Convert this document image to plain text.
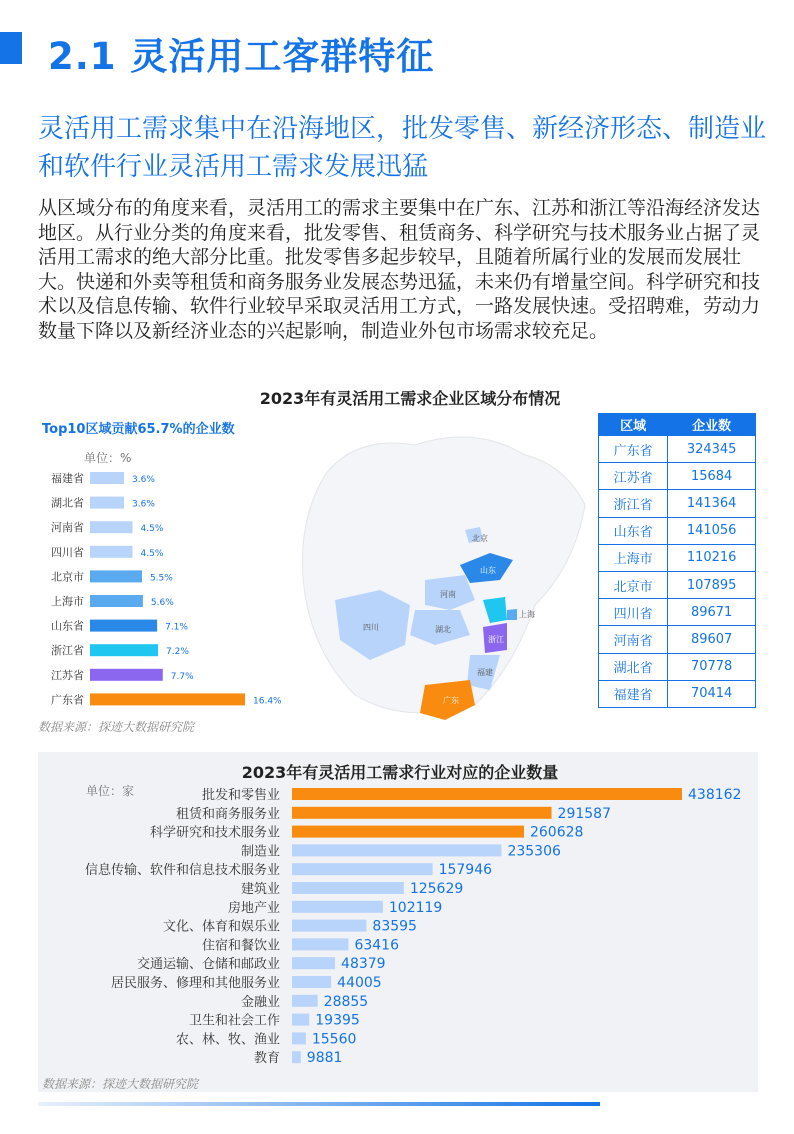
2.1 灵活用工客群特征
灵活用工需求集中在沿海地区，批发零售、新经济形态、制造业和软件行业灵活用工需求发展迅猛
从区域分布的角度来看，灵活用工的需求主要集中在广东、江苏和浙江等沿海经济发达地区。从行业分类的角度来看，批发零售、租赁商务、科学研究与技术服务业占据了灵活用工需求的绝大部分比重。批发零售多起步较早，且随着所属行业的发展而发展壮大。快递和外卖等租赁和商务服务业发展态势迅猛，未来仍有增量空间。科学研究和技术以及信息传输、软件行业较早采取灵活用工方式，一路发展快速。受招聘难，劳动力数量下降以及新经济业态的兴起影响，制造业外包市场需求较充足。
2023年有灵活用工需求企业区域分布情况
Top10区域贡献65.7%的企业数
单位：%
福建省	3.6%
湖北省	3.6%
河南省	4.5%
四川省	4.5%
北京市	5.5%
上海市	5.6%
山东省	7.1%
浙江省	7.2%
江苏省	7.7%
广东省	16.4%
北京
山东
河南
上海
四川	湖北
浙江
福建
广东
区域	企业数
广东省	324345
江苏省	15684
浙江省	141364
山东省	141056
上海市	110216
北京市	107895
四川省	89671
河南省	89607
湖北省	70778
福建省	70414
数据来源：探迹大数据研究院
2023年有灵活用工需求行业对应的企业数量
单位：家	批发和零售业	438162
租赁和商务服务业	291587
科学研究和技术服务业	260628
制造业	235306
信息传输、软件和信息技术服务业	157946
建筑业	125629
房地产业	102119
文化、体育和娱乐业	83595
住宿和餐饮业	63416
交通运输、仓储和邮政业	48379
居民服务、修理和其他服务业	44005
金融业	28855
卫生和社会工作	19395
农、林、牧、渔业 15560
教育 9881
数据来源：探迹大数据研究院
